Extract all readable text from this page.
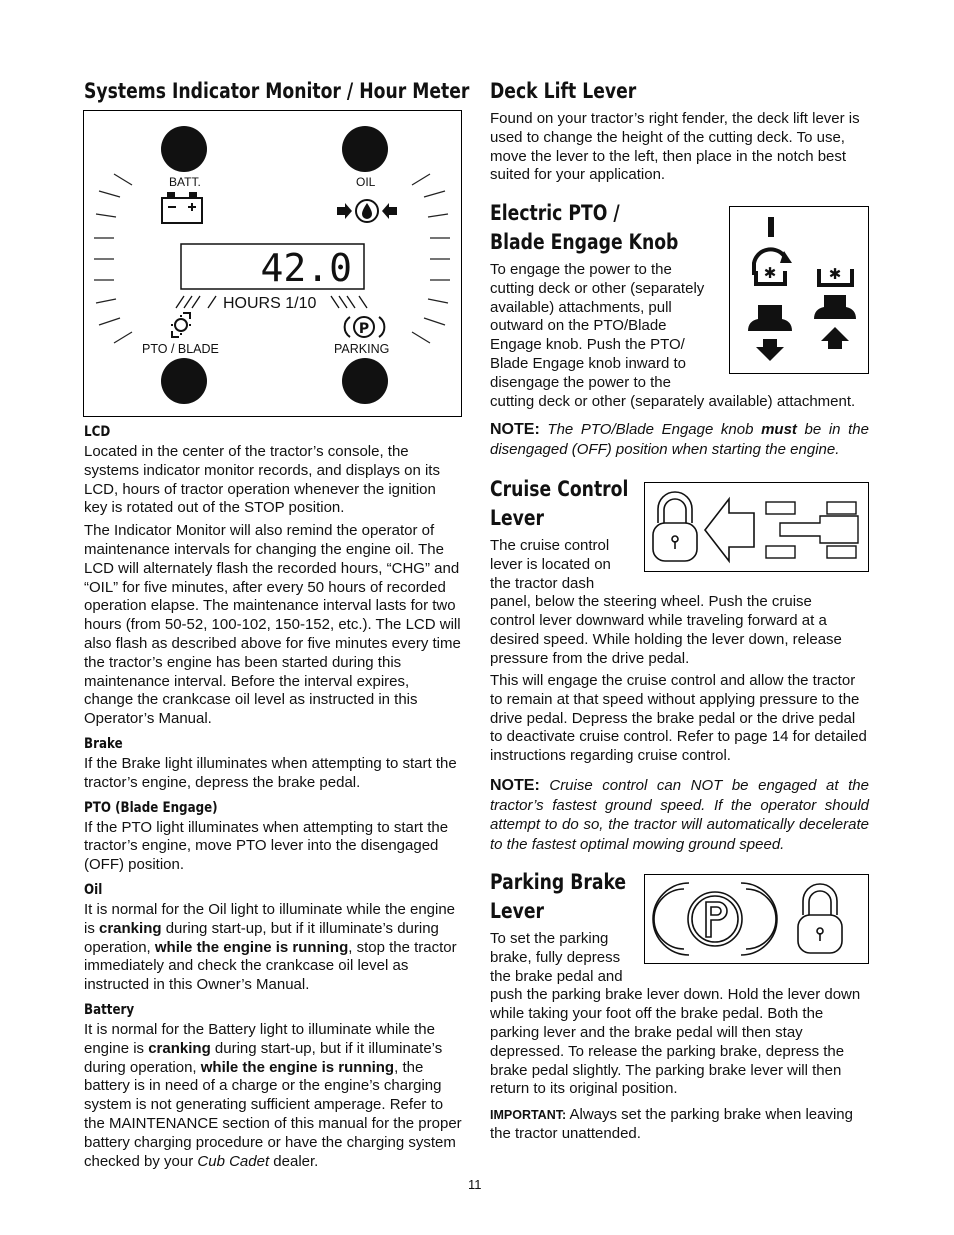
Systems Indicator Monitor / Hour Meter
42.0
HOURS 1/10
P
BATT.	OIL
PTO / BLADE	PARKING
LCD

Located in the center of the tractor’s console, the systems indicator monitor records, and displays on its LCD, hours of tractor operation whenever the ignition key is rotated out of the STOP position.

The Indicator Monitor will also remind the operator of maintenance intervals for changing the engine oil. The LCD will alternately flash the recorded hours, “CHG” and “OIL” for five minutes, after every 50 hours of recorded operation elapse. The maintenance interval lasts for two hours (from 50-52, 100-102, 150-152, etc.). The LCD will also flash as described above for five minutes every time the tractor’s engine has been started during this maintenance interval. Before the interval expires, change the crankcase oil level as instructed in this Operator’s Manual.

Brake

If the Brake light illuminates when attempting to start the tractor’s engine, depress the brake pedal.

PTO (Blade Engage)

If the PTO light illuminates when attempting to start the tractor’s engine, move PTO lever into the disengaged (OFF) position.

Oil

It is normal for the Oil light to illuminate while the engine is cranking during start-up, but if it illuminate’s during operation, while the engine is running, stop the tractor immediately and check the crankcase oil level as instructed in this Owner’s Manual.

Battery

It is normal for the Battery light to illuminate while the engine is cranking during start-up, but if it illuminate’s during operation, while the engine is running, the battery is in need of a charge or the engine’s charging system is not generating sufficient amperage. Refer to the MAINTENANCE section of this manual for the proper battery charging procedure or have the charging system checked by your Cub Cadet dealer.

Deck Lift Lever

Found on your tractor’s right fender, the deck lift lever is used to change the height of the cutting deck. To use, move the lever to the left, then place in the notch best suited for your application.

Electric PTO /
Blade Engage Knob
✱	✱
To engage the power to the
cutting deck or other (separately
available) attachments, pull
outward on the PTO/Blade
Engage knob. Push the PTO/
Blade Engage knob inward to
disengage the power to the
cutting deck or other (separately available) attachment.

NOTE: The PTO/Blade Engage knob must be in the disengaged (OFF) position when starting the engine.

Cruise Control
Lever
The cruise control
lever is located on
the tractor dash
panel, below the steering wheel. Push the cruise
control lever downward while traveling forward at a
desired speed. While holding the lever down, release
pressure from the drive pedal.

This will engage the cruise control and allow the tractor to remain at that speed without applying pressure to the drive pedal. Depress the brake pedal or the drive pedal to deactivate cruise control. Refer to page 14 for detailed instructions regarding cruise control.

NOTE: Cruise control can NOT be engaged at the tractor’s fastest ground speed. If the operator should attempt to do so, the tractor will automatically decelerate to the fastest optimal mowing ground speed.

Parking Brake
Lever
To set the parking
brake, fully depress
the brake pedal and
push the parking brake lever down. Hold the lever down
while taking your foot off the brake pedal. Both the
parking lever and the brake pedal will then stay
depressed. To release the parking brake, depress the
brake pedal slightly. The parking brake lever will then
return to its original position.

IMPORTANT: Always set the parking brake when leaving the tractor unattended.

11
